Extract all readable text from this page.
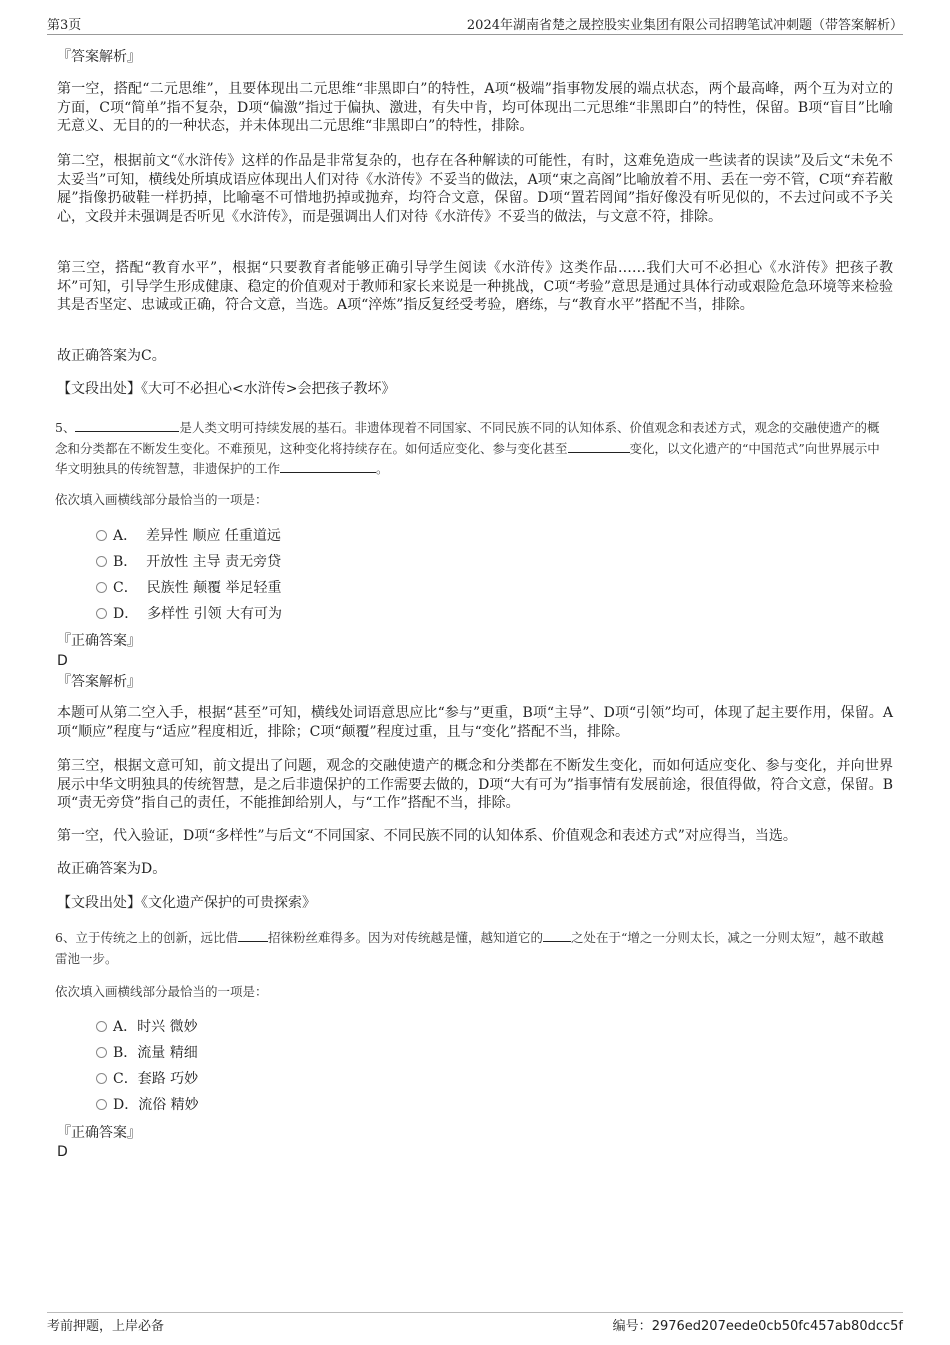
第3页	2024年湖南省楚之晟控股实业集团有限公司招聘笔试冲刺题（带答案解析）
『答案解析』
第一空，搭配“二元思维”，且要体现出二元思维“非黑即白”的特性，A项“极端”指事物发展的端点状态，两个最高峰，两个互为对立的方面，C项“简单”指不复杂，D项“偏激”指过于偏执、激进，有失中肯，均可体现出二元思维“非黑即白”的特性，保留。B项“盲目”比喻无意义、无目的的一种状态，并未体现出二元思维“非黑即白”的特性，排除。
第二空，根据前文“《水浒传》这样的作品是非常复杂的，也存在各种解读的可能性，有时，这难免造成一些读者的误读”及后文“未免不太妥当”可知，横线处所填成语应体现出人们对待《水浒传》不妥当的做法，A项“束之高阁”比喻放着不用、丢在一旁不管，C项“弃若敝屣”指像扔破鞋一样扔掉，比喻毫不可惜地扔掉或抛弃，均符合文意，保留。D项“置若罔闻”指好像没有听见似的，不去过问或不予关心，文段并未强调是否听见《水浒传》，而是强调出人们对待《水浒传》不妥当的做法，与文意不符，排除。
第三空，搭配“教育水平”，根据“只要教育者能够正确引导学生阅读《水浒传》这类作品……我们大可不必担心《水浒传》把孩子教坏”可知，引导学生形成健康、稳定的价值观对于教师和家长来说是一种挑战，C项“考验”意思是通过具体行动或艰险危急环境等来检验其是否坚定、忠诚或正确，符合文意，当选。A项“淬炼”指反复经受考验，磨练，与“教育水平”搭配不当，排除。
故正确答案为C。
【文段出处】《大可不必担心<水浒传>会把孩子教坏》
5、	是人类文明可持续发展的基石。非遗体现着不同国家、不同民族不同的认知体系、价值观念和表述方式，观念的交融使遗产的概念和分类都在不断发生变化。不难预见，这种变化将持续存在。如何适应变化、参与变化甚至	变化，以文化遗产的“中国范式”向世界展示中华文明独具的传统智慧，非遗保护的工作	。
依次填入画横线部分最恰当的一项是：
A． 差异性 顺应 任重道远
B． 开放性 主导 责无旁贷
C． 民族性 颠覆 举足轻重
D． 多样性 引领 大有可为
『正确答案』
D
『答案解析』
本题可从第二空入手，根据“甚至”可知，横线处词语意思应比“参与”更重，B项“主导”、D项“引领”均可，体现了起主要作用，保留。A项“顺应”程度与“适应”程度相近，排除；C项“颠覆”程度过重，且与“变化”搭配不当，排除。
第三空，根据文意可知，前文提出了问题，观念的交融使遗产的概念和分类都在不断发生变化，而如何适应变化、参与变化，并向世界展示中华文明独具的传统智慧，是之后非遗保护的工作需要去做的，D项“大有可为”指事情有发展前途，很值得做，符合文意，保留。B项“责无旁贷”指自己的责任，不能推卸给别人，与“工作”搭配不当，排除。
第一空，代入验证，D项“多样性”与后文“不同国家、不同民族不同的认知体系、价值观念和表述方式”对应得当，当选。
故正确答案为D。
【文段出处】《文化遗产保护的可贵探索》
6、立于传统之上的创新，远比借 招徕粉丝难得多。因为对传统越是懂，越知道它的 之处在于“增之一分则太长，减之一分则太短”，越不敢越雷池一步。
依次填入画横线部分最恰当的一项是：
A．时兴 微妙
B．流量 精细
C．套路 巧妙
D．流俗 精妙
『正确答案』
D
考前押题，上岸必备	编号：2976ed207eede0cb50fc457ab80dcc5f
